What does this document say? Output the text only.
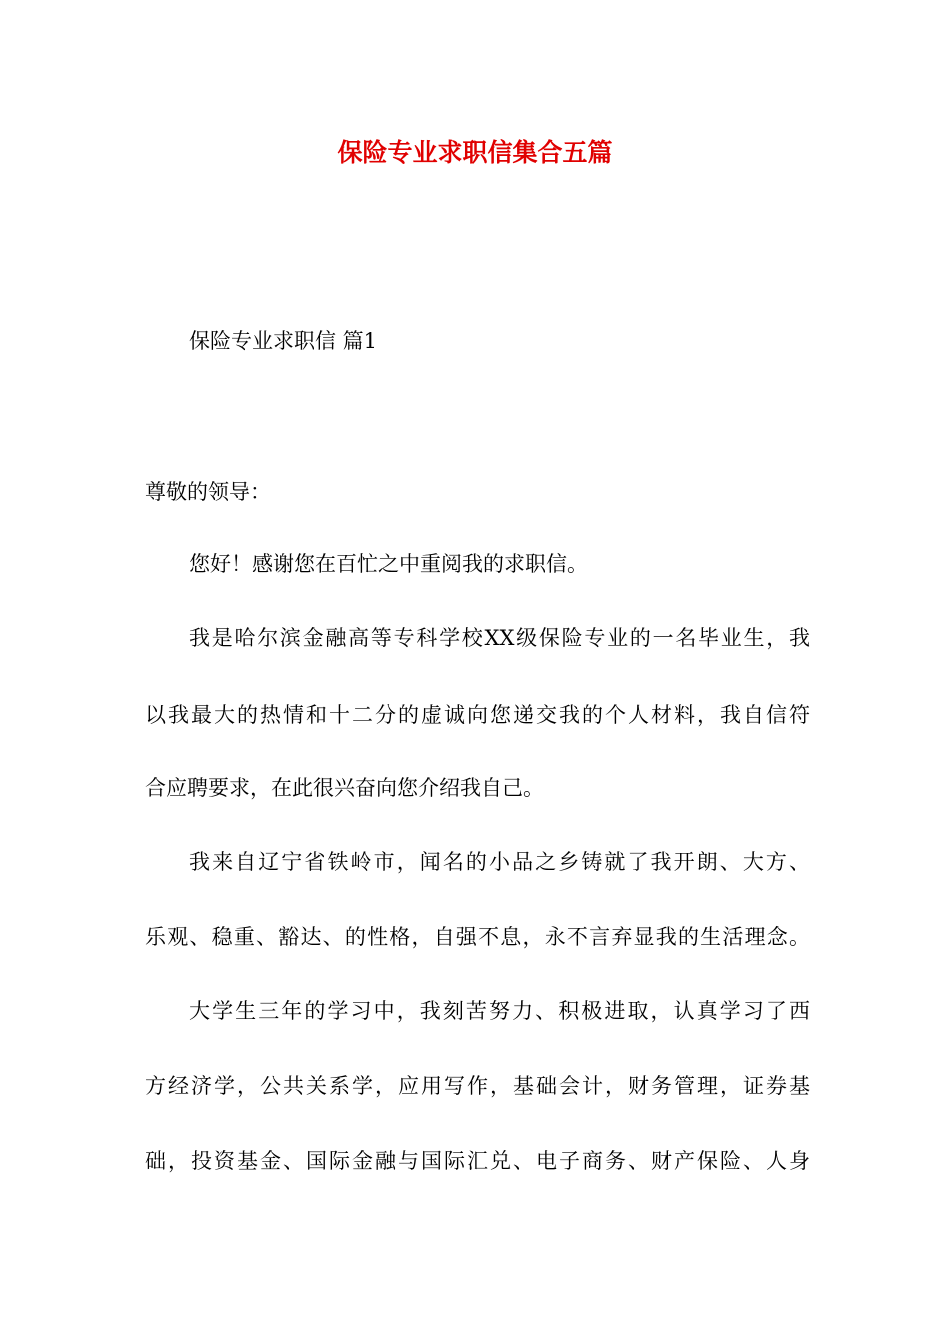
保险专业求职信集合五篇
保险专业求职信 篇1
尊敬的领导：
您好！感谢您在百忙之中重阅我的求职信。
我是哈尔滨金融高等专科学校XX级保险专业的一名毕业生，我
以我最大的热情和十二分的虚诚向您递交我的个人材料，我自信符
合应聘要求，在此很兴奋向您介绍我自己。
我来自辽宁省铁岭市，闻名的小品之乡铸就了我开朗、大方、
乐观、稳重、豁达、的性格，自强不息，永不言弃显我的生活理念。
大学生三年的学习中，我刻苦努力、积极进取，认真学习了西
方经济学，公共关系学，应用写作，基础会计，财务管理，证券基
础，投资基金、国际金融与国际汇兑、电子商务、财产保险、人身
